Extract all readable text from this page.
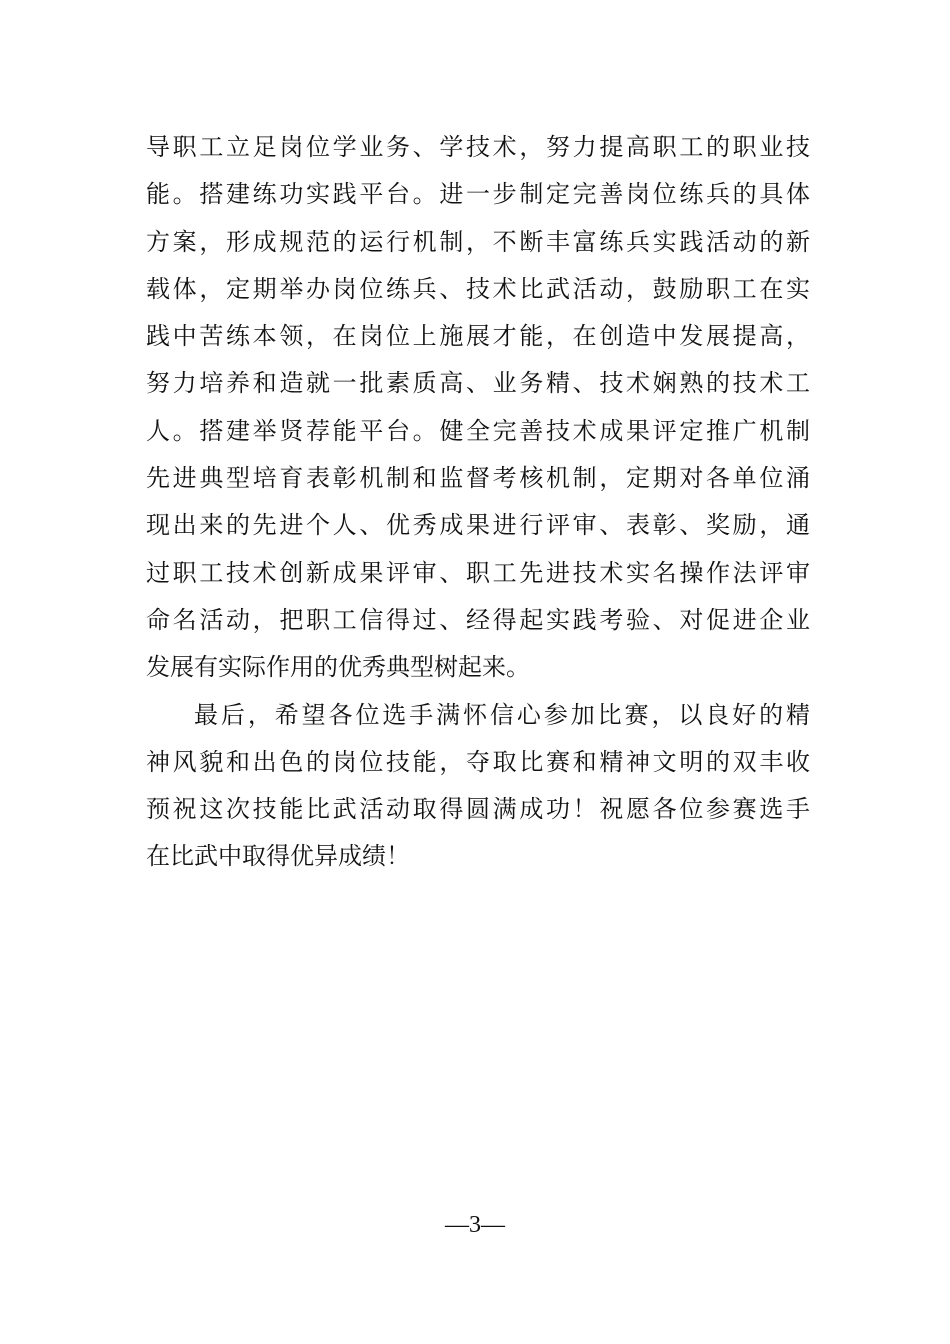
导职工立足岗位学业务、学技术，努力提高职工的职业技
能。搭建练功实践平台。进一步制定完善岗位练兵的具体
方案，形成规范的运行机制，不断丰富练兵实践活动的新
载体，定期举办岗位练兵、技术比武活动，鼓励职工在实
践中苦练本领，在岗位上施展才能，在创造中发展提高，
努力培养和造就一批素质高、业务精、技术娴熟的技术工
人。搭建举贤荐能平台。健全完善技术成果评定推广机制
先进典型培育表彰机制和监督考核机制，定期对各单位涌
现出来的先进个人、优秀成果进行评审、表彰、奖励，通
过职工技术创新成果评审、职工先进技术实名操作法评审
命名活动，把职工信得过、经得起实践考验、对促进企业
发展有实际作用的优秀典型树起来。
最后，希望各位选手满怀信心参加比赛，以良好的精
神风貌和出色的岗位技能，夺取比赛和精神文明的双丰收
预祝这次技能比武活动取得圆满成功！祝愿各位参赛选手
在比武中取得优异成绩！
—3—
